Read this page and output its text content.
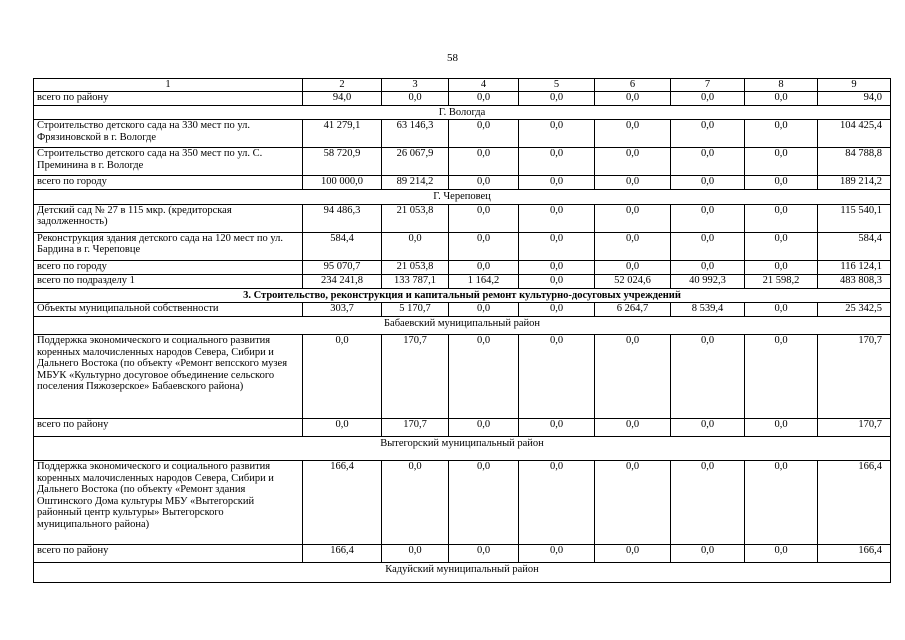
58
1	2	3	4	5	6	7	8	9
всего по району	94,0	0,0	0,0	0,0	0,0	0,0	0,0	94,0
Г. Вологда								
Строительство детского сада на 330 мест по ул. Фрязиновской в г. Вологде	41 279,1	63 146,3	0,0	0,0	0,0	0,0	0,0	104 425,4
Строительство детского сада на 350 мест по ул. С. Преминина в г. Вологде	58 720,9	26 067,9	0,0	0,0	0,0	0,0	0,0	84 788,8
всего по городу	100 000,0	89 214,2	0,0	0,0	0,0	0,0	0,0	189 214,2
Г. Череповец								
Детский сад № 27 в 115 мкр. (кредиторская задолженность)	94 486,3	21 053,8	0,0	0,0	0,0	0,0	0,0	115 540,1
Реконструкция здания детского сада на 120 мест по ул. Бардина в г. Череповце	584,4	0,0	0,0	0,0	0,0	0,0	0,0	584,4
всего по городу	95 070,7	21 053,8	0,0	0,0	0,0	0,0	0,0	116 124,1
всего по подразделу 1	234 241,8	133 787,1	1 164,2	0,0	52 024,6	40 992,3	21 598,2	483 808,3
3. Строительство, реконструкция и капитальный ремонт культурно-досуговых учреждений								
Объекты муниципальной собственности	303,7	5 170,7	0,0	0,0	6 264,7	8 539,4	0,0	25 342,5
Бабаевский муниципальный район								
Поддержка экономического и социального развития коренных малочисленных народов Севера, Сибири и Дальнего Востока (по объекту «Ремонт вепсского музея МБУК «Культурно досуговое объединение сельского поселения Пяжозерское» Бабаевского района)	0,0	170,7	0,0	0,0	0,0	0,0	0,0	170,7
всего по району	0,0	170,7	0,0	0,0	0,0	0,0	0,0	170,7
Вытегорский муниципальный район								
Поддержка экономического и социального развития коренных малочисленных народов Севера, Сибири и Дальнего Востока (по объекту «Ремонт здания Оштинского Дома культуры МБУ «Вытегорский районный центр культуры» Вытегорского муниципального района)	166,4	0,0	0,0	0,0	0,0	0,0	0,0	166,4
всего по району	166,4	0,0	0,0	0,0	0,0	0,0	0,0	166,4
Кадуйский муниципальный район								
